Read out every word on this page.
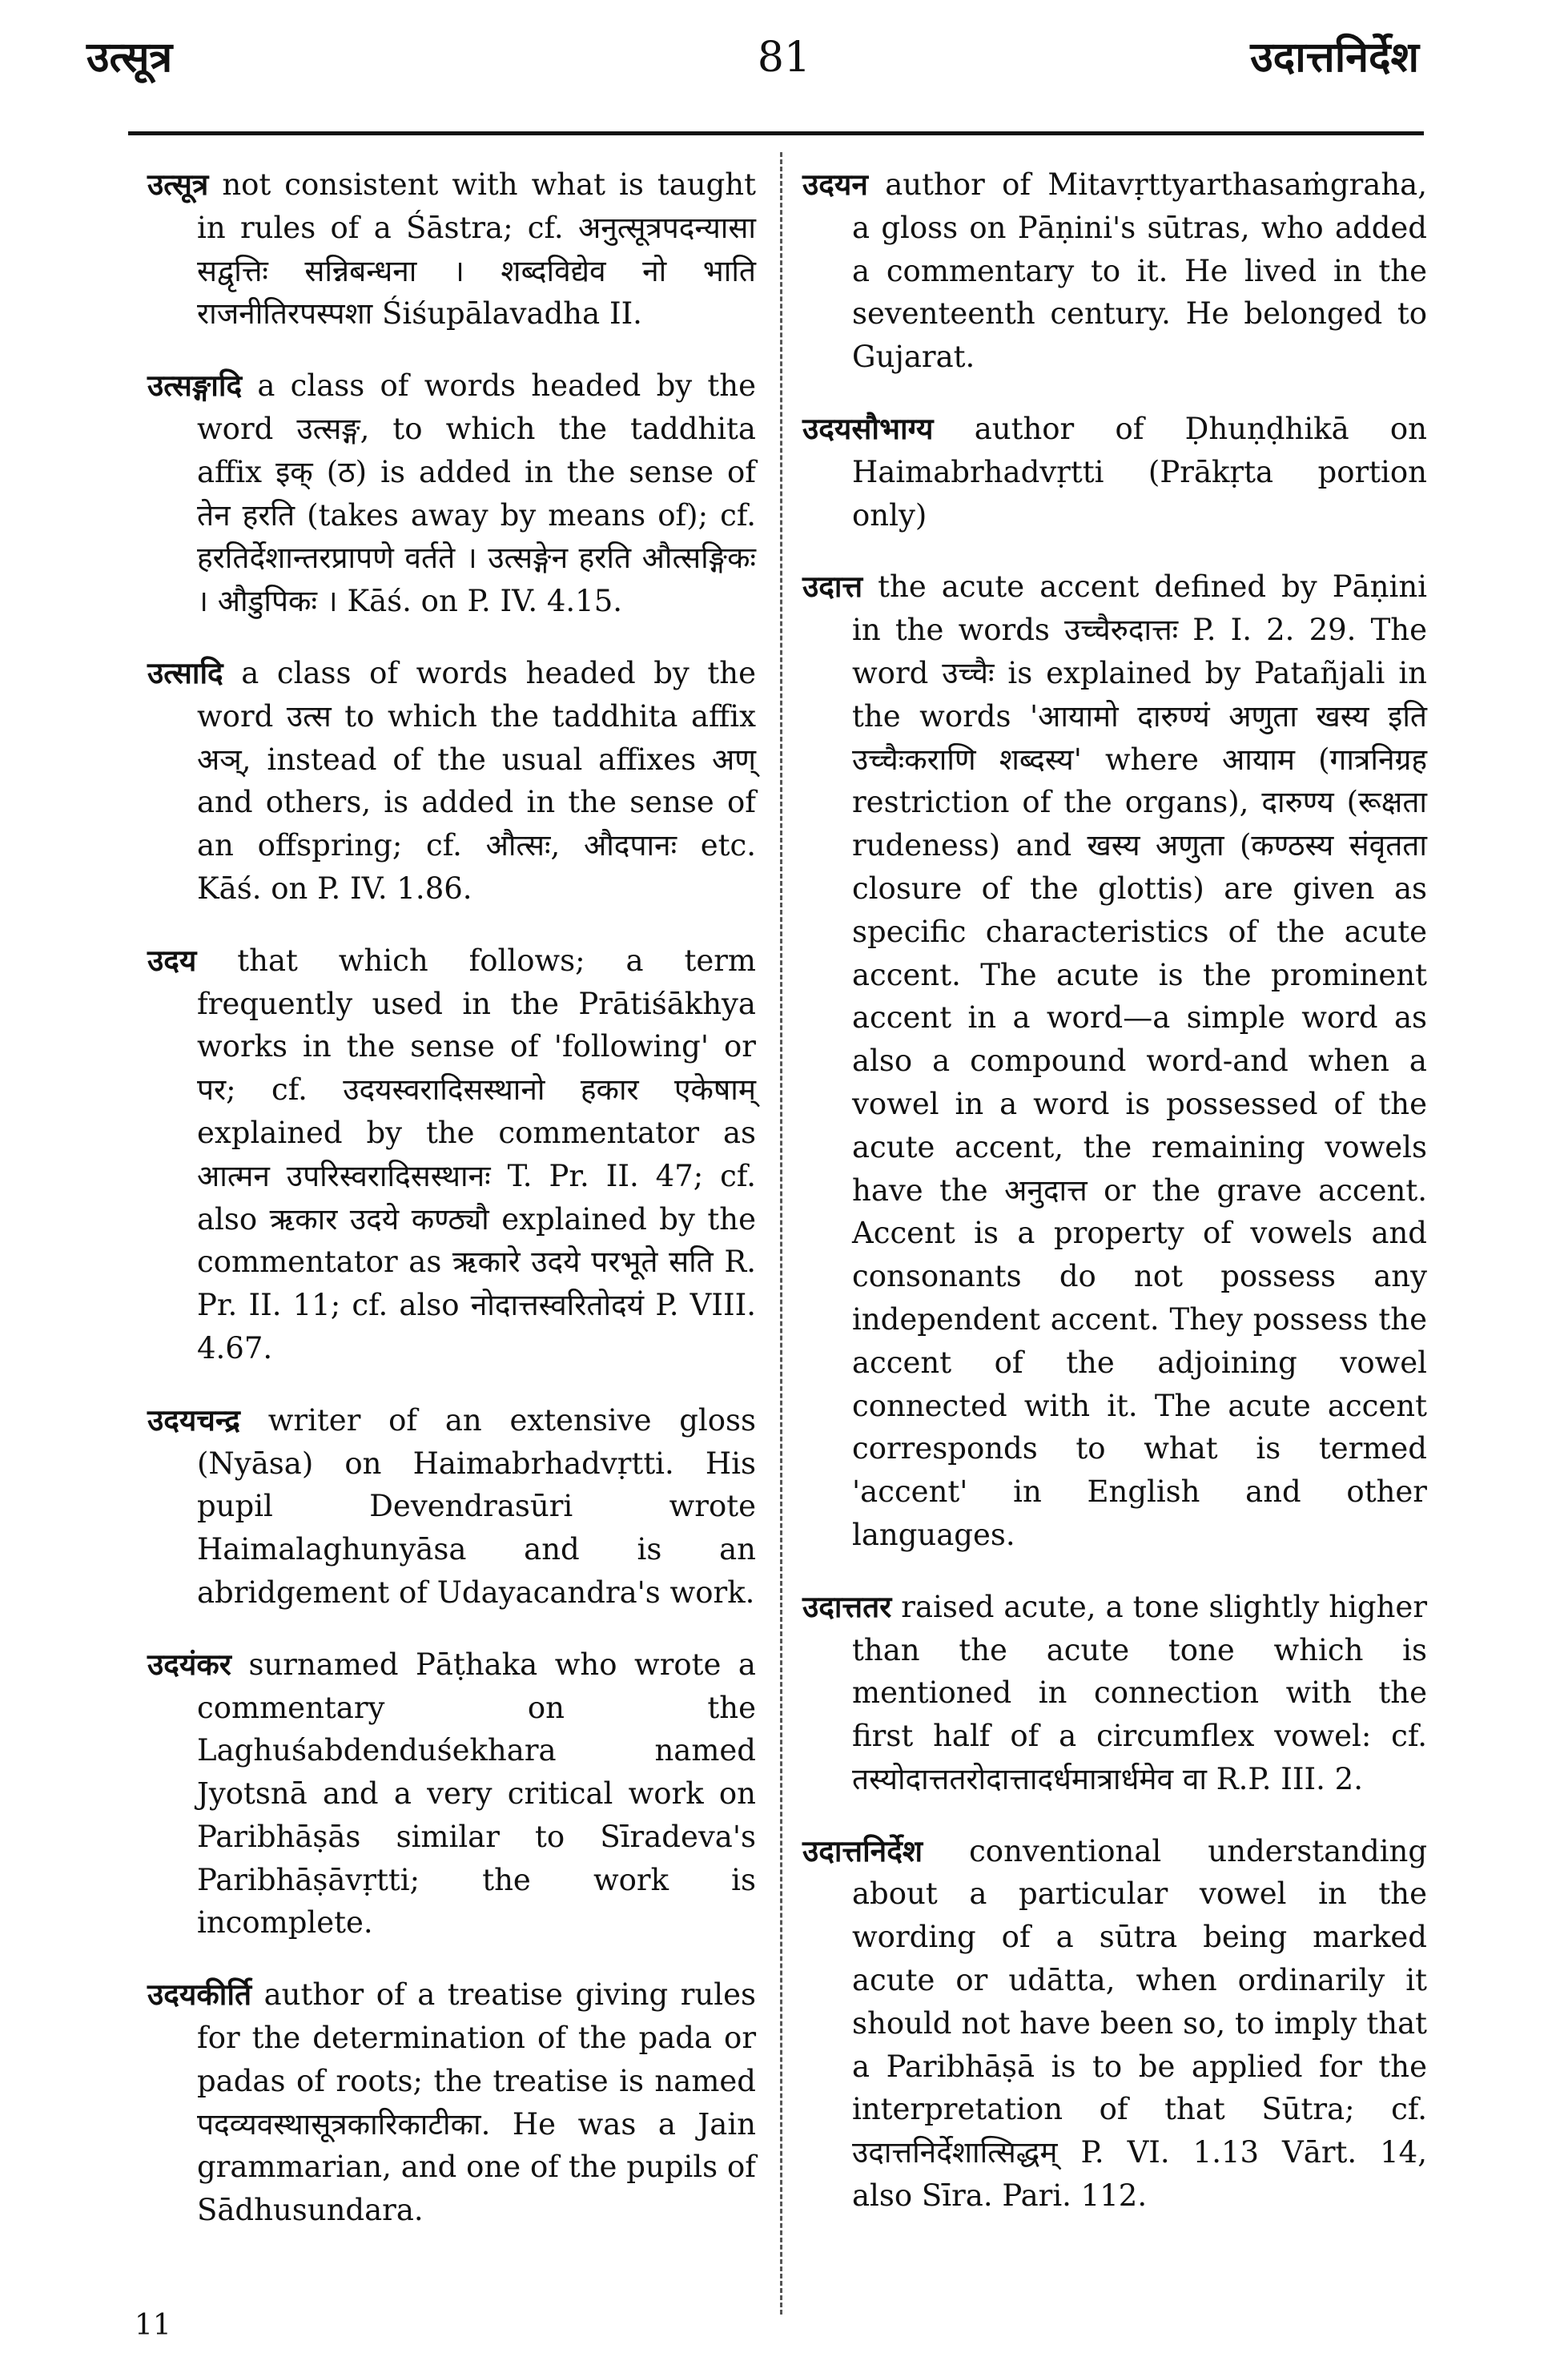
उत्सूत्र	81	उदात्तनिर्देश

उत्सूत्र not consistent with what is taught in rules of a Śāstra; cf. अनुत्सूत्रपदन्यासा सद्वृत्तिः सन्निबन्धना । शब्दविद्येव नो भाति राजनीतिरपस्पशा Śiśupālavadha II.

उत्सङ्गादि a class of words headed by the word उत्सङ्ग, to which the taddhita affix इक् (ठ) is added in the sense of तेन हरति (takes away by means of); cf. हरतिर्देशान्तरप्रापणे वर्तते । उत्सङ्गेन हरति औत्सङ्गिकः । औडुपिकः । Kāś. on P. IV. 4.15.

उत्सादि a class of words headed by the word उत्स to which the taddhita affix अञ्, instead of the usual affixes अण् and others, is added in the sense of an offspring; cf. औत्सः, औदपानः etc. Kāś. on P. IV. 1.86.

उदय that which follows; a term frequently used in the Prātiśākhya works in the sense of 'following' or पर; cf. उदयस्वरादिसस्थानो हकार एकेषाम् explained by the commentator as आत्मन उपरिस्वरादिसस्थानः T. Pr. II. 47; cf. also ऋकार उदये कण्ठ्यौ explained by the commentator as ऋकारे उदये परभूते सति R. Pr. II. 11; cf. also नोदात्तस्वरितोदयं P. VIII. 4.67.

उदयचन्द्र writer of an extensive gloss (Nyāsa) on Haimabrhadvṛtti. His pupil Devendrasūri wrote Haimalaghunyāsa and is an abridgement of Udayacandra's work.

उदयंकर surnamed Pāṭhaka who wrote a commentary on the Laghuśabdenduśekhara named Jyotsnā and a very critical work on Paribhāṣās similar to Sīradeva's Paribhāṣāvṛtti; the work is incomplete.

उदयकीर्ति author of a treatise giving rules for the determination of the pada or padas of roots; the treatise is named पदव्यवस्थासूत्रकारिकाटीका. He was a Jain grammarian, and one of the pupils of Sādhusundara.

उदयन author of Mitavṛttyarthasaṁgraha, a gloss on Pāṇini's sūtras, who added a commentary to it. He lived in the seventeenth century. He belonged to Gujarat.

उदयसौभाग्य author of Ḍhuṇḍhikā on Haimabrhadvṛtti (Prākṛta portion only)

उदात्त the acute accent defined by Pāṇini in the words उच्चैरुदात्तः P. I. 2. 29. The word उच्चैः is explained by Patañjali in the words 'आयामो दारुण्यं अणुता खस्य इति उच्चैःकराणि शब्दस्य' where आयाम (गात्रनिग्रह restriction of the organs), दारुण्य (रूक्षता rudeness) and खस्य अणुता (कण्ठस्य संवृतता closure of the glottis) are given as specific characteristics of the acute accent. The acute is the prominent accent in a word—a simple word as also a compound word-and when a vowel in a word is possessed of the acute accent, the remaining vowels have the अनुदात्त or the grave accent. Accent is a property of vowels and consonants do not possess any independent accent. They possess the accent of the adjoining vowel connected with it. The acute accent corresponds to what is termed 'accent' in English and other languages.

उदात्ततर raised acute, a tone slightly higher than the acute tone which is mentioned in connection with the first half of a circumflex vowel: cf. तस्योदात्ततरोदात्तादर्धमात्रार्धमेव वा R.P. III. 2.

उदात्तनिर्देश conventional understanding about a particular vowel in the wording of a sūtra being marked acute or udātta, when ordinarily it should not have been so, to imply that a Paribhāṣā is to be applied for the interpretation of that Sūtra; cf. उदात्तनिर्देशात्सिद्धम् P. VI. 1.13 Vārt. 14, also Sīra. Pari. 112.

11
